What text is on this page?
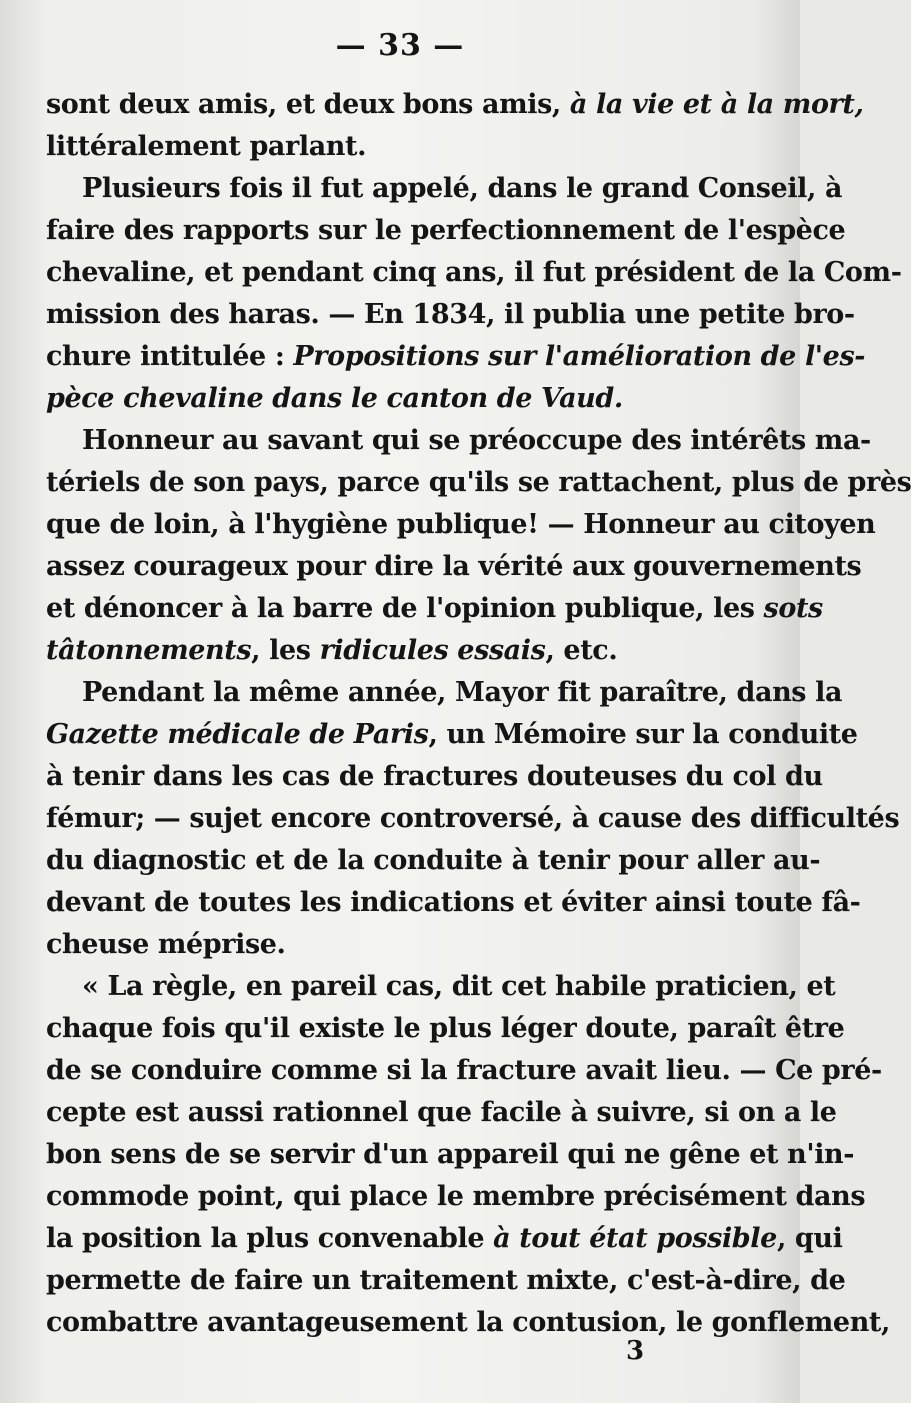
— 33 —
sont deux amis, et deux bons amis, à la vie et à la mort,
littéralement parlant.
Plusieurs fois il fut appelé, dans le grand Conseil, à
faire des rapports sur le perfectionnement de l'espèce
chevaline, et pendant cinq ans, il fut président de la Com-
mission des haras. — En 1834, il publia une petite bro-
chure intitulée : Propositions sur l'amélioration de l'es-
pèce chevaline dans le canton de Vaud.
Honneur au savant qui se préoccupe des intérêts ma-
tériels de son pays, parce qu'ils se rattachent, plus de près
que de loin, à l'hygiène publique! — Honneur au citoyen
assez courageux pour dire la vérité aux gouvernements
et dénoncer à la barre de l'opinion publique, les sots
tâtonnements, les ridicules essais, etc.
Pendant la même année, Mayor fit paraître, dans la
Gazette médicale de Paris, un Mémoire sur la conduite
à tenir dans les cas de fractures douteuses du col du
fémur; — sujet encore controversé, à cause des difficultés
du diagnostic et de la conduite à tenir pour aller au-
devant de toutes les indications et éviter ainsi toute fâ-
cheuse méprise.
« La règle, en pareil cas, dit cet habile praticien, et
chaque fois qu'il existe le plus léger doute, paraît être
de se conduire comme si la fracture avait lieu. — Ce pré-
cepte est aussi rationnel que facile à suivre, si on a le
bon sens de se servir d'un appareil qui ne gêne et n'in-
commode point, qui place le membre précisément dans
la position la plus convenable à tout état possible, qui
permette de faire un traitement mixte, c'est-à-dire, de
combattre avantageusement la contusion, le gonflement,
3
